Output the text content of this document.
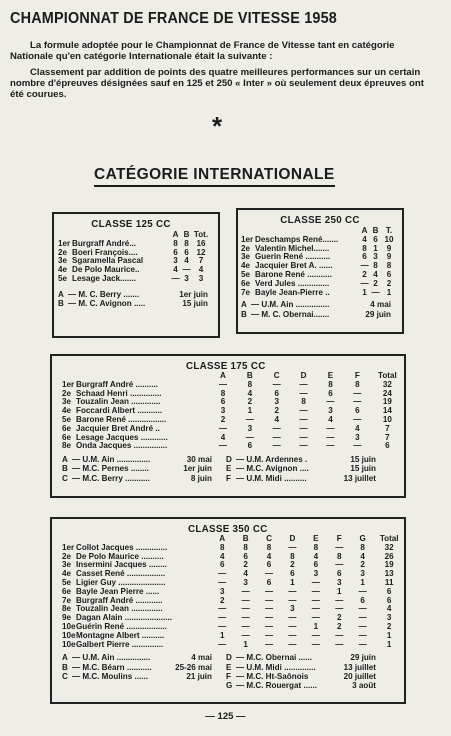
CHAMPIONNAT DE FRANCE DE VITESSE 1958

La formule adoptée pour le Championnat de France de Vitesse tant en catégorie Nationale qu'en catégorie Internationale était la suivante :

Classement par addition de points des quatre meilleures performances sur un certain nombre d'épreuves désignées sauf en 125 et 250 « Inter » où seulement deux épreuves ont été courues.

*
CATÉGORIE INTERNATIONALE
CLASSE 125 CC
	A	B	Tot.
1er Burgraff André...	8	8	16
2e Boeri François....	6	6	12
3e Sgaramella Pascal	3	4	7
4e De Polo Maurice..	4	—	4
5e Lesage Jack.......	—	3	3
A	— M. C. Berry .......	1er juin
B	— M. C. Avignon .....	15 juin
CLASSE 250 CC
	A	B	T.
1er Deschamps René.......	4	6	10
2e Valentin Michel.......	8	1	9
3e Guerin René ...........	6	3	9
4e Jacquier Bret A. ......	—	8	8
5e Barone René ...........	2	4	6
6e Verd Jules ..............	—	2	2
7e Bayle Jean-Pierre ..	1	—	1
A	— U.M. Ain ...............	4 mai
B	— M. C. Obernai.......	29 juin
CLASSE 175 CC
	A	B	C	D	E	F	Total
1er Burgraff André ..........	—	8	—	—	8	8	32
2e Schaad Henri ..............	8	4	6	—	6	—	24
3e Touzalin Jean .............	6	2	3	8	—	—	19
4e Foccardi Albert ...........	3	1	2	—	3	6	14
5e Barone René .................	2	—	4	—	4	—	10
6e Jacquier Bret André ..	—	3	—	—	—	4	7
6e Lesage Jacques ............	4	—	—	—	—	3	7
8e Onda Jacques ...............	—	6	—	—	—	—	6
A	— U.M. Ain ...............	30 mai	D	— U.M. Ardennes .	15 juin
B	— M.C. Pernes ........	1er juin	E	— M.C. Avignon ....	15 juin
C	— M.C. Berry ...........	8 juin	F	— U.M. Midi ..........	13 juillet
CLASSE 350 CC
	A	B	C	D	E	F	G	Total
1er Collot Jacques ..............	8	8	8	—	8	—	8	32
2e De Polo Maurice ..........	4	6	4	8	4	8	4	26
3e Insermini Jacques ........	6	2	6	2	6	—	2	19
4e Casset René .................	—	4	—	6	3	6	3	13
5e Ligier Guy .....................	—	3	6	1	—	3	1	11
6e Bayle Jean Pierre ......	3	—	—	—	—	1	—	6
7e Burgraff André ............	2	—	—	—	—	—	6	6
8e Touzalin Jean ..............	—	—	—	3	—	—	—	4
9e Dagan Alain .....................	—	—	—	—	—	2	—	3
10eGuérin René ..................	—	—	—	—	1	2	—	2
10eMontagne Albert ..........	1	—	—	—	—	—	—	1
10eGalbert Pierre ..............	—	1	—	—	—	—	—	1
A	— U.M. Ain ...............	4 mai	D	— M.C. Obernai ......	29 juin
B	— M.C. Béarn ...........	25-26 mai	E	— U.M. Midi ..............	13 juillet
C	— M.C. Moulins ......	21 juin	F	— M.C. Ht-Saônois	20 juillet
			G	— M.C. Rouergat ......	3 août
— 125 —
